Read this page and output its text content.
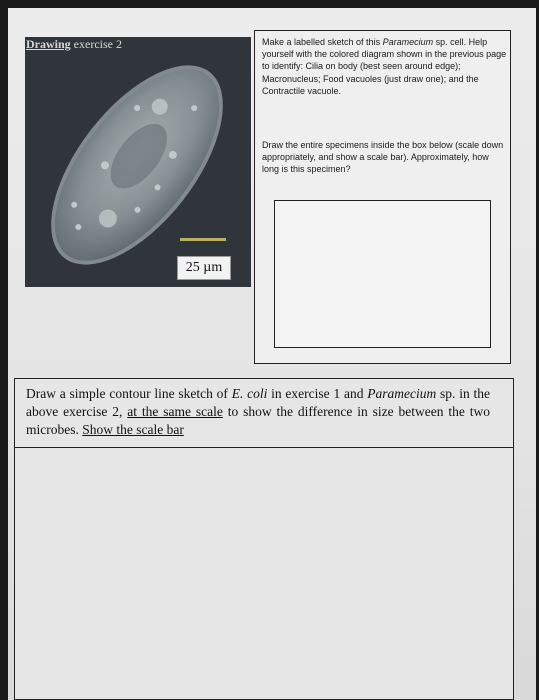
Drawing exercise 2
25 µm

Make a labelled sketch of this Paramecium sp. cell. Help yourself with the colored diagram shown in the previous page to identify: Cilia on body (best seen around edge); Macronucleus; Food vacuoles (just draw one); and the Contractile vacuole.

Draw the entire specimens inside the box below (scale down appropriately, and show a scale bar). Approximately, how long is this specimen?

Draw a simple contour line sketch of E. coli in exercise 1 and Paramecium sp. in the above exercise 2, at the same scale to show the difference in size between the two microbes. Show the scale bar
